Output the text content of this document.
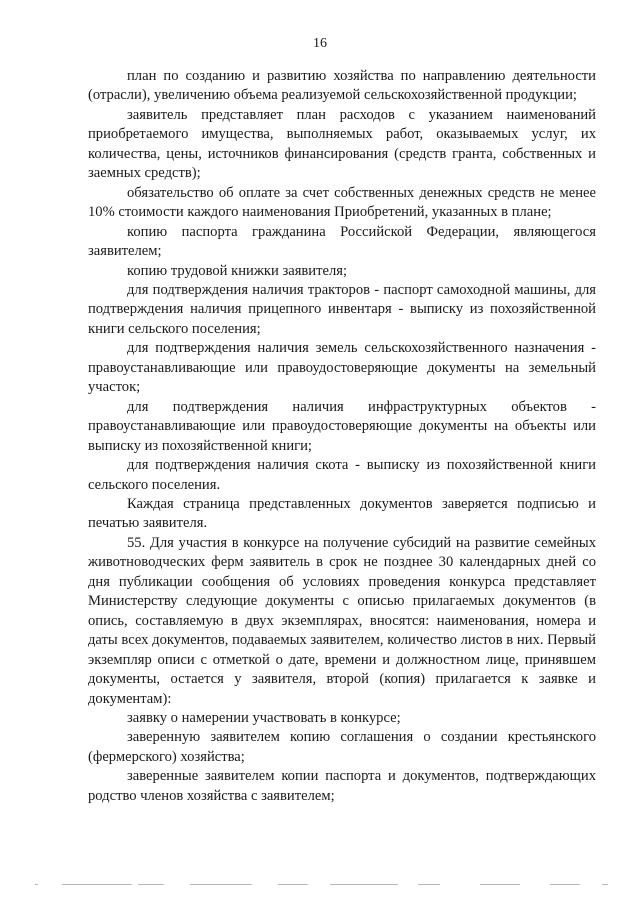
16

план по созданию и развитию хозяйства по направлению деятельности (отрасли), увеличению объема реализуемой сельскохозяйственной продукции;

заявитель представляет план расходов с указанием наименований приобретаемого имущества, выполняемых работ, оказываемых услуг, их количества, цены, источников финансирования (средств гранта, собственных и заемных средств);

обязательство об оплате за счет собственных денежных средств не менее 10% стоимости каждого наименования Приобретений, указанных в плане;

копию паспорта гражданина Российской Федерации, являющегося заявителем;

копию трудовой книжки заявителя;

для подтверждения наличия тракторов - паспорт самоходной машины, для подтверждения наличия прицепного инвентаря - выписку из похозяйственной книги сельского поселения;

для подтверждения наличия земель сельскохозяйственного назначения - правоустанавливающие или правоудостоверяющие документы на земельный участок;

для подтверждения наличия инфраструктурных объектов - правоустанавливающие или правоудостоверяющие документы на объекты или выписку из похозяйственной книги;

для подтверждения наличия скота - выписку из похозяйственной книги сельского поселения.

Каждая страница представленных документов заверяется подписью и печатью заявителя.

55. Для участия в конкурсе на получение субсидий на развитие семейных животноводческих ферм заявитель в срок не позднее 30 календарных дней со дня публикации сообщения об условиях проведения конкурса представляет Министерству следующие документы с описью прилагаемых документов (в опись, составляемую в двух экземплярах, вносятся: наименования, номера и даты всех документов, подаваемых заявителем, количество листов в них. Первый экземпляр описи с отметкой о дате, времени и должностном лице, принявшем документы, остается у заявителя, второй (копия) прилагается к заявке и документам):

заявку о намерении участвовать в конкурсе;

заверенную заявителем копию соглашения о создании крестьянского (фермерского) хозяйства;

заверенные заявителем копии паспорта и документов, подтверждающих родство членов хозяйства с заявителем;
